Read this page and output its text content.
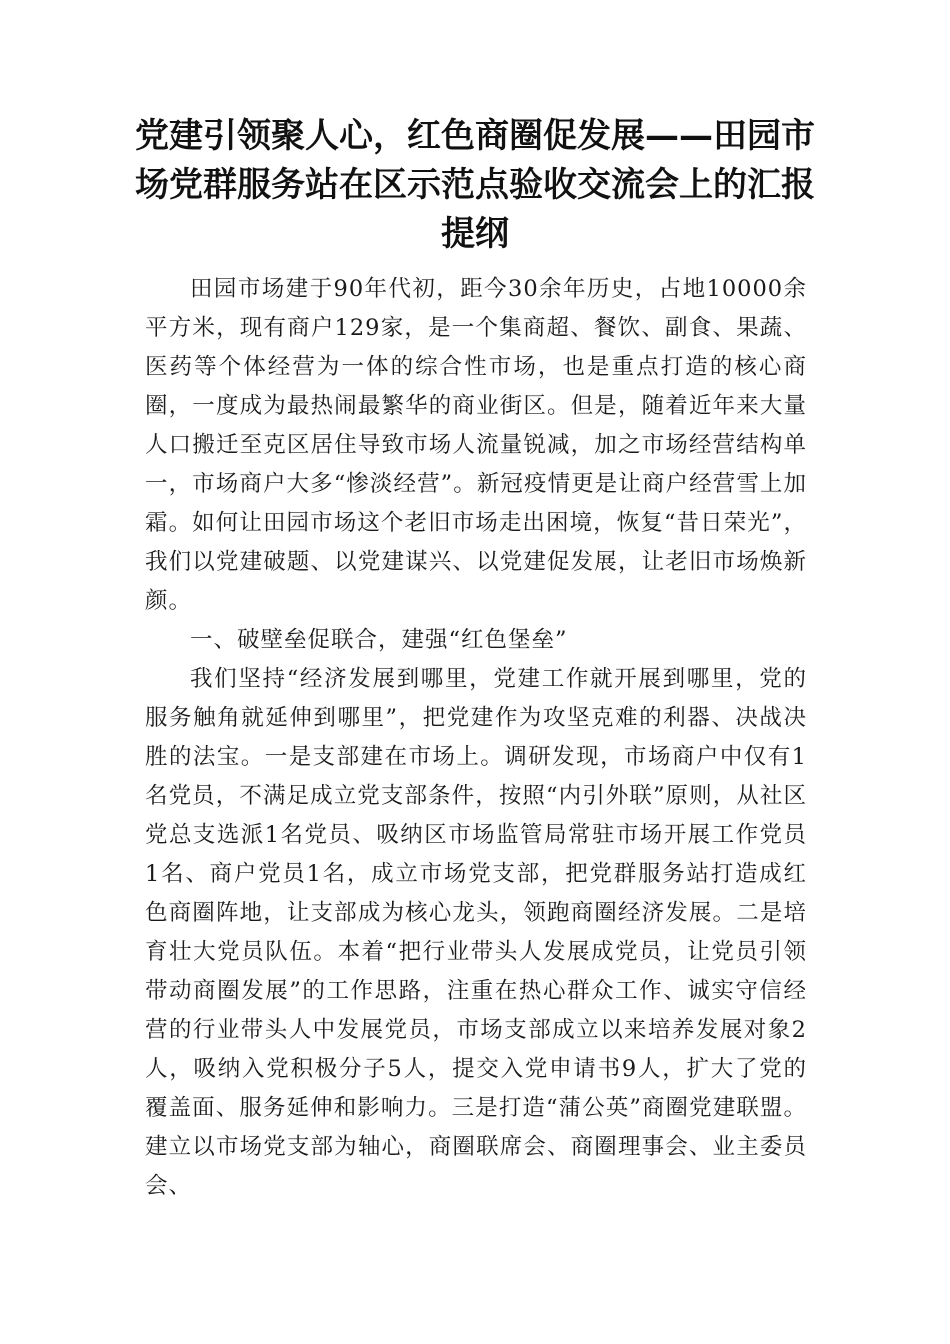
党建引领聚人心，红色商圈促发展——田园市场党群服务站在区示范点验收交流会上的汇报提纲

田园市场建于90年代初，距今30余年历史，占地10000余平方米，现有商户129家，是一个集商超、餐饮、副食、果蔬、医药等个体经营为一体的综合性市场，也是重点打造的核心商圈，一度成为最热闹最繁华的商业街区。但是，随着近年来大量人口搬迁至克区居住导致市场人流量锐减，加之市场经营结构单一，市场商户大多“惨淡经营”。新冠疫情更是让商户经营雪上加霜。如何让田园市场这个老旧市场走出困境，恢复“昔日荣光”，我们以党建破题、以党建谋兴、以党建促发展，让老旧市场焕新颜。

一、破壁垒促联合，建强“红色堡垒”

我们坚持“经济发展到哪里，党建工作就开展到哪里，党的服务触角就延伸到哪里”，把党建作为攻坚克难的利器、决战决胜的法宝。一是支部建在市场上。调研发现，市场商户中仅有1名党员，不满足成立党支部条件，按照“内引外联”原则，从社区党总支选派1名党员、吸纳区市场监管局常驻市场开展工作党员1名、商户党员1名，成立市场党支部，把党群服务站打造成红色商圈阵地，让支部成为核心龙头，领跑商圈经济发展。二是培育壮大党员队伍。本着“把行业带头人发展成党员，让党员引领带动商圈发展”的工作思路，注重在热心群众工作、诚实守信经营的行业带头人中发展党员，市场支部成立以来培养发展对象2人，吸纳入党积极分子5人，提交入党申请书9人，扩大了党的覆盖面、服务延伸和影响力。三是打造“蒲公英”商圈党建联盟。建立以市场党支部为轴心，商圈联席会、商圈理事会、业主委员会、
